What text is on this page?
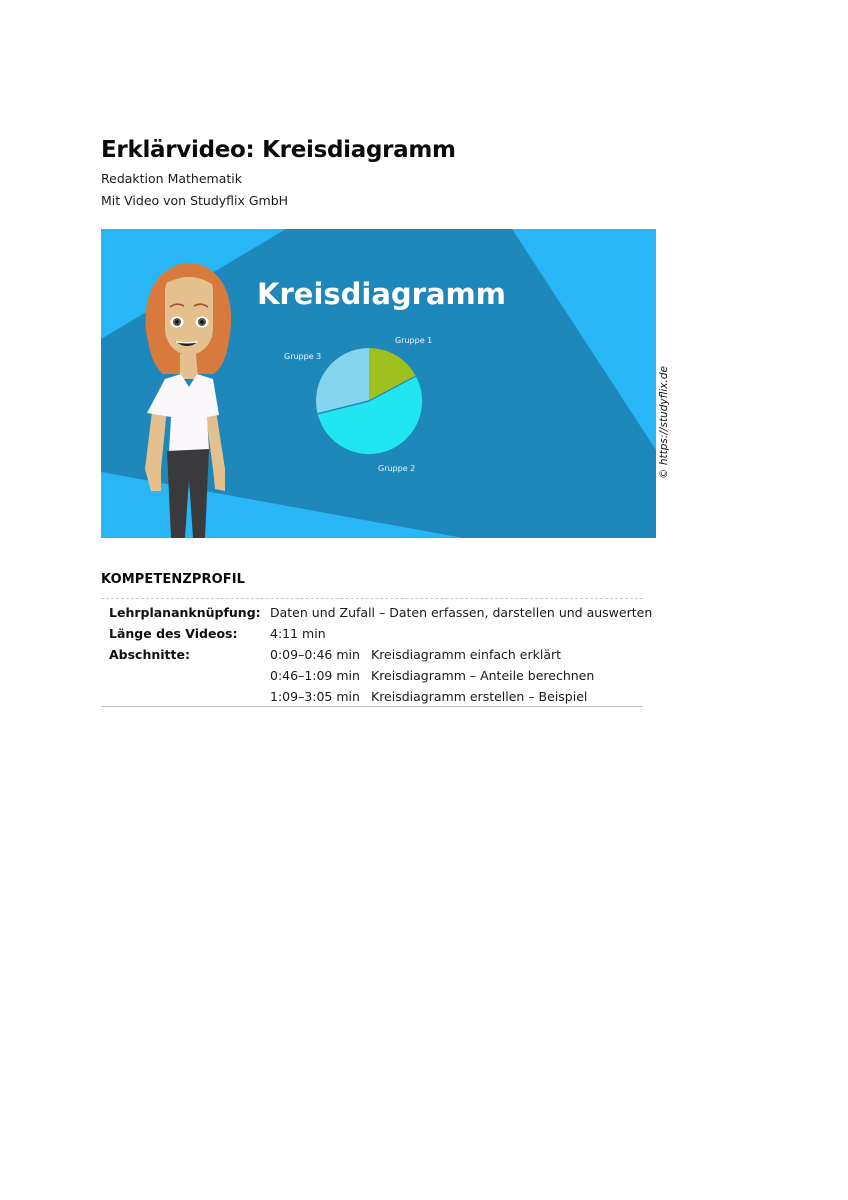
Erklärvideo: Kreisdiagramm
Redaktion Mathematik
Mit Video von Studyflix GmbH
Kreisdiagramm
Gruppe 1
Gruppe 3
Gruppe 2	© https://studyflix.de
KOMPETENZPROFIL
Lehrplananknüpfung: Daten und Zufall – Daten erfassen, darstellen und auswerten
Länge des Videos:	4:11 min
Abschnitte:	0:09–0:46 min Kreisdiagramm einfach erklärt
0:46–1:09 min Kreisdiagramm – Anteile berechnen
1:09–3:05 min Kreisdiagramm erstellen – Beispiel
